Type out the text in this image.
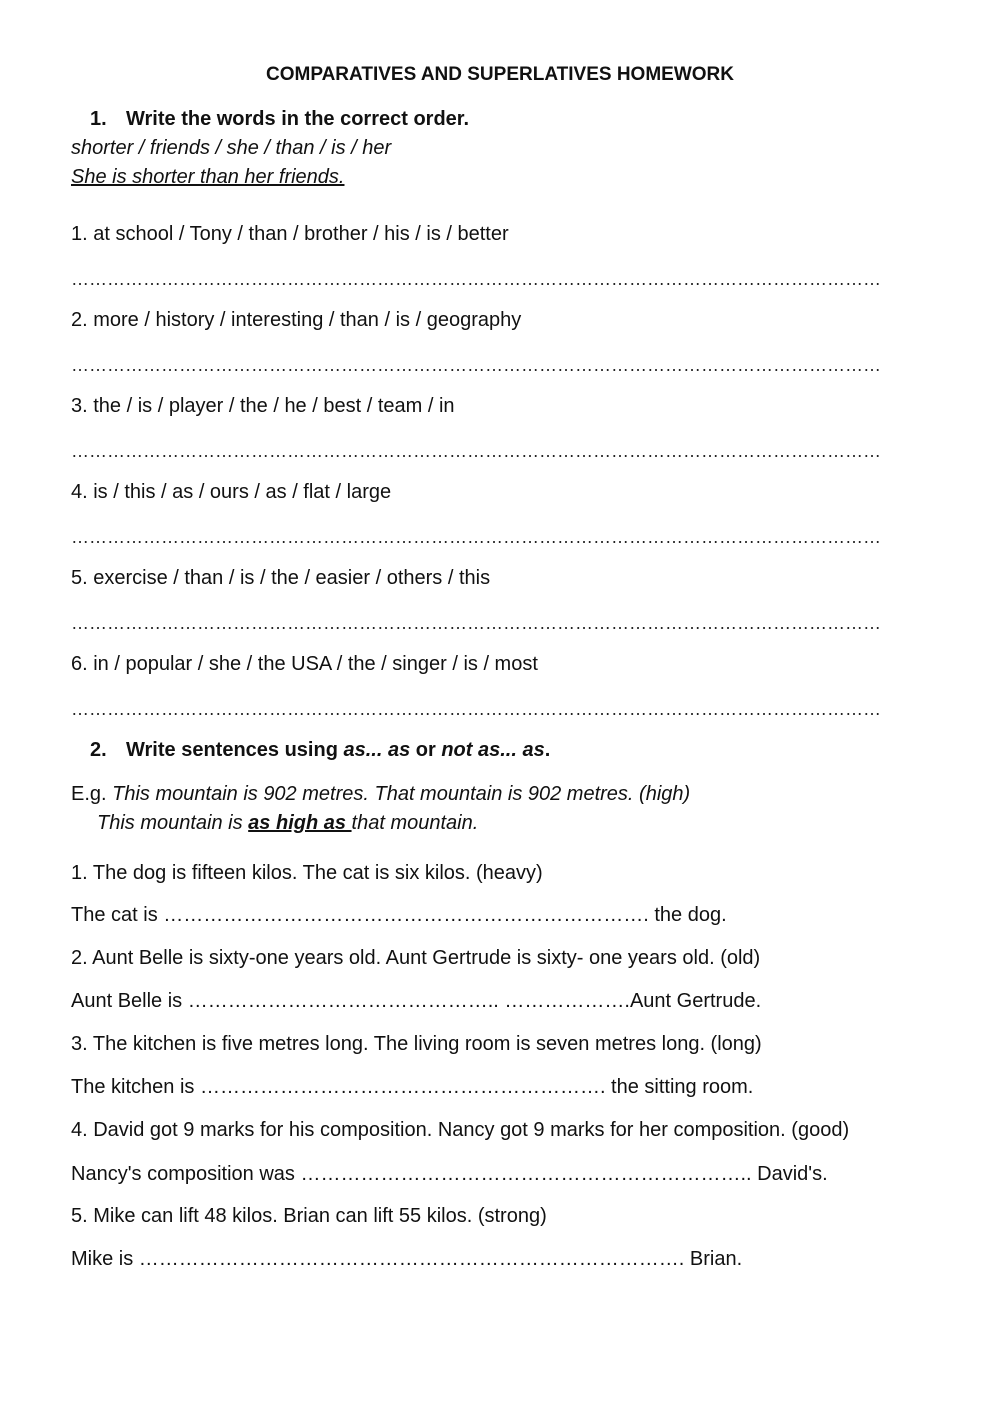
COMPARATIVES AND SUPERLATIVES HOMEWORK
1. Write the words in the correct order.
shorter / friends / she / than / is / her
She is shorter than her friends.
1. at school / Tony / than / brother / his / is / better
………………………………………………………………………………………………………………………
2. more / history / interesting / than / is / geography
………………………………………………………………………………………………………………………
3. the / is / player / the / he / best / team / in
………………………………………………………………………………………………………………………
4. is / this / as / ours / as / flat / large
………………………………………………………………………………………………………………………
5. exercise / than / is / the / easier / others / this
………………………………………………………………………………………………………………………
6. in / popular / she / the USA / the / singer / is / most
………………………………………………………………………………………………………………………
2. Write sentences using as... as or not as... as.
E.g. This mountain is 902 metres. That mountain is 902 metres. (high)
This mountain is as high as that mountain.
1. The dog is fifteen kilos. The cat is six kilos. (heavy)
The cat is ………………………………………………………………. the dog.
2. Aunt Belle is sixty-one years old. Aunt Gertrude is sixty- one years old. (old)
Aunt Belle is ……………………………………….. ……………….Aunt Gertrude.
3. The kitchen is five metres long. The living room is seven metres long. (long)
The kitchen is ……………………………………………………. the sitting room.
4. David got 9 marks for his composition. Nancy got 9 marks for her composition. (good)
Nancy's composition was ………………………………………………………….. David's.
5. Mike can lift 48 kilos. Brian can lift 55 kilos. (strong)
Mike is ………………………………………………………………………. Brian.
